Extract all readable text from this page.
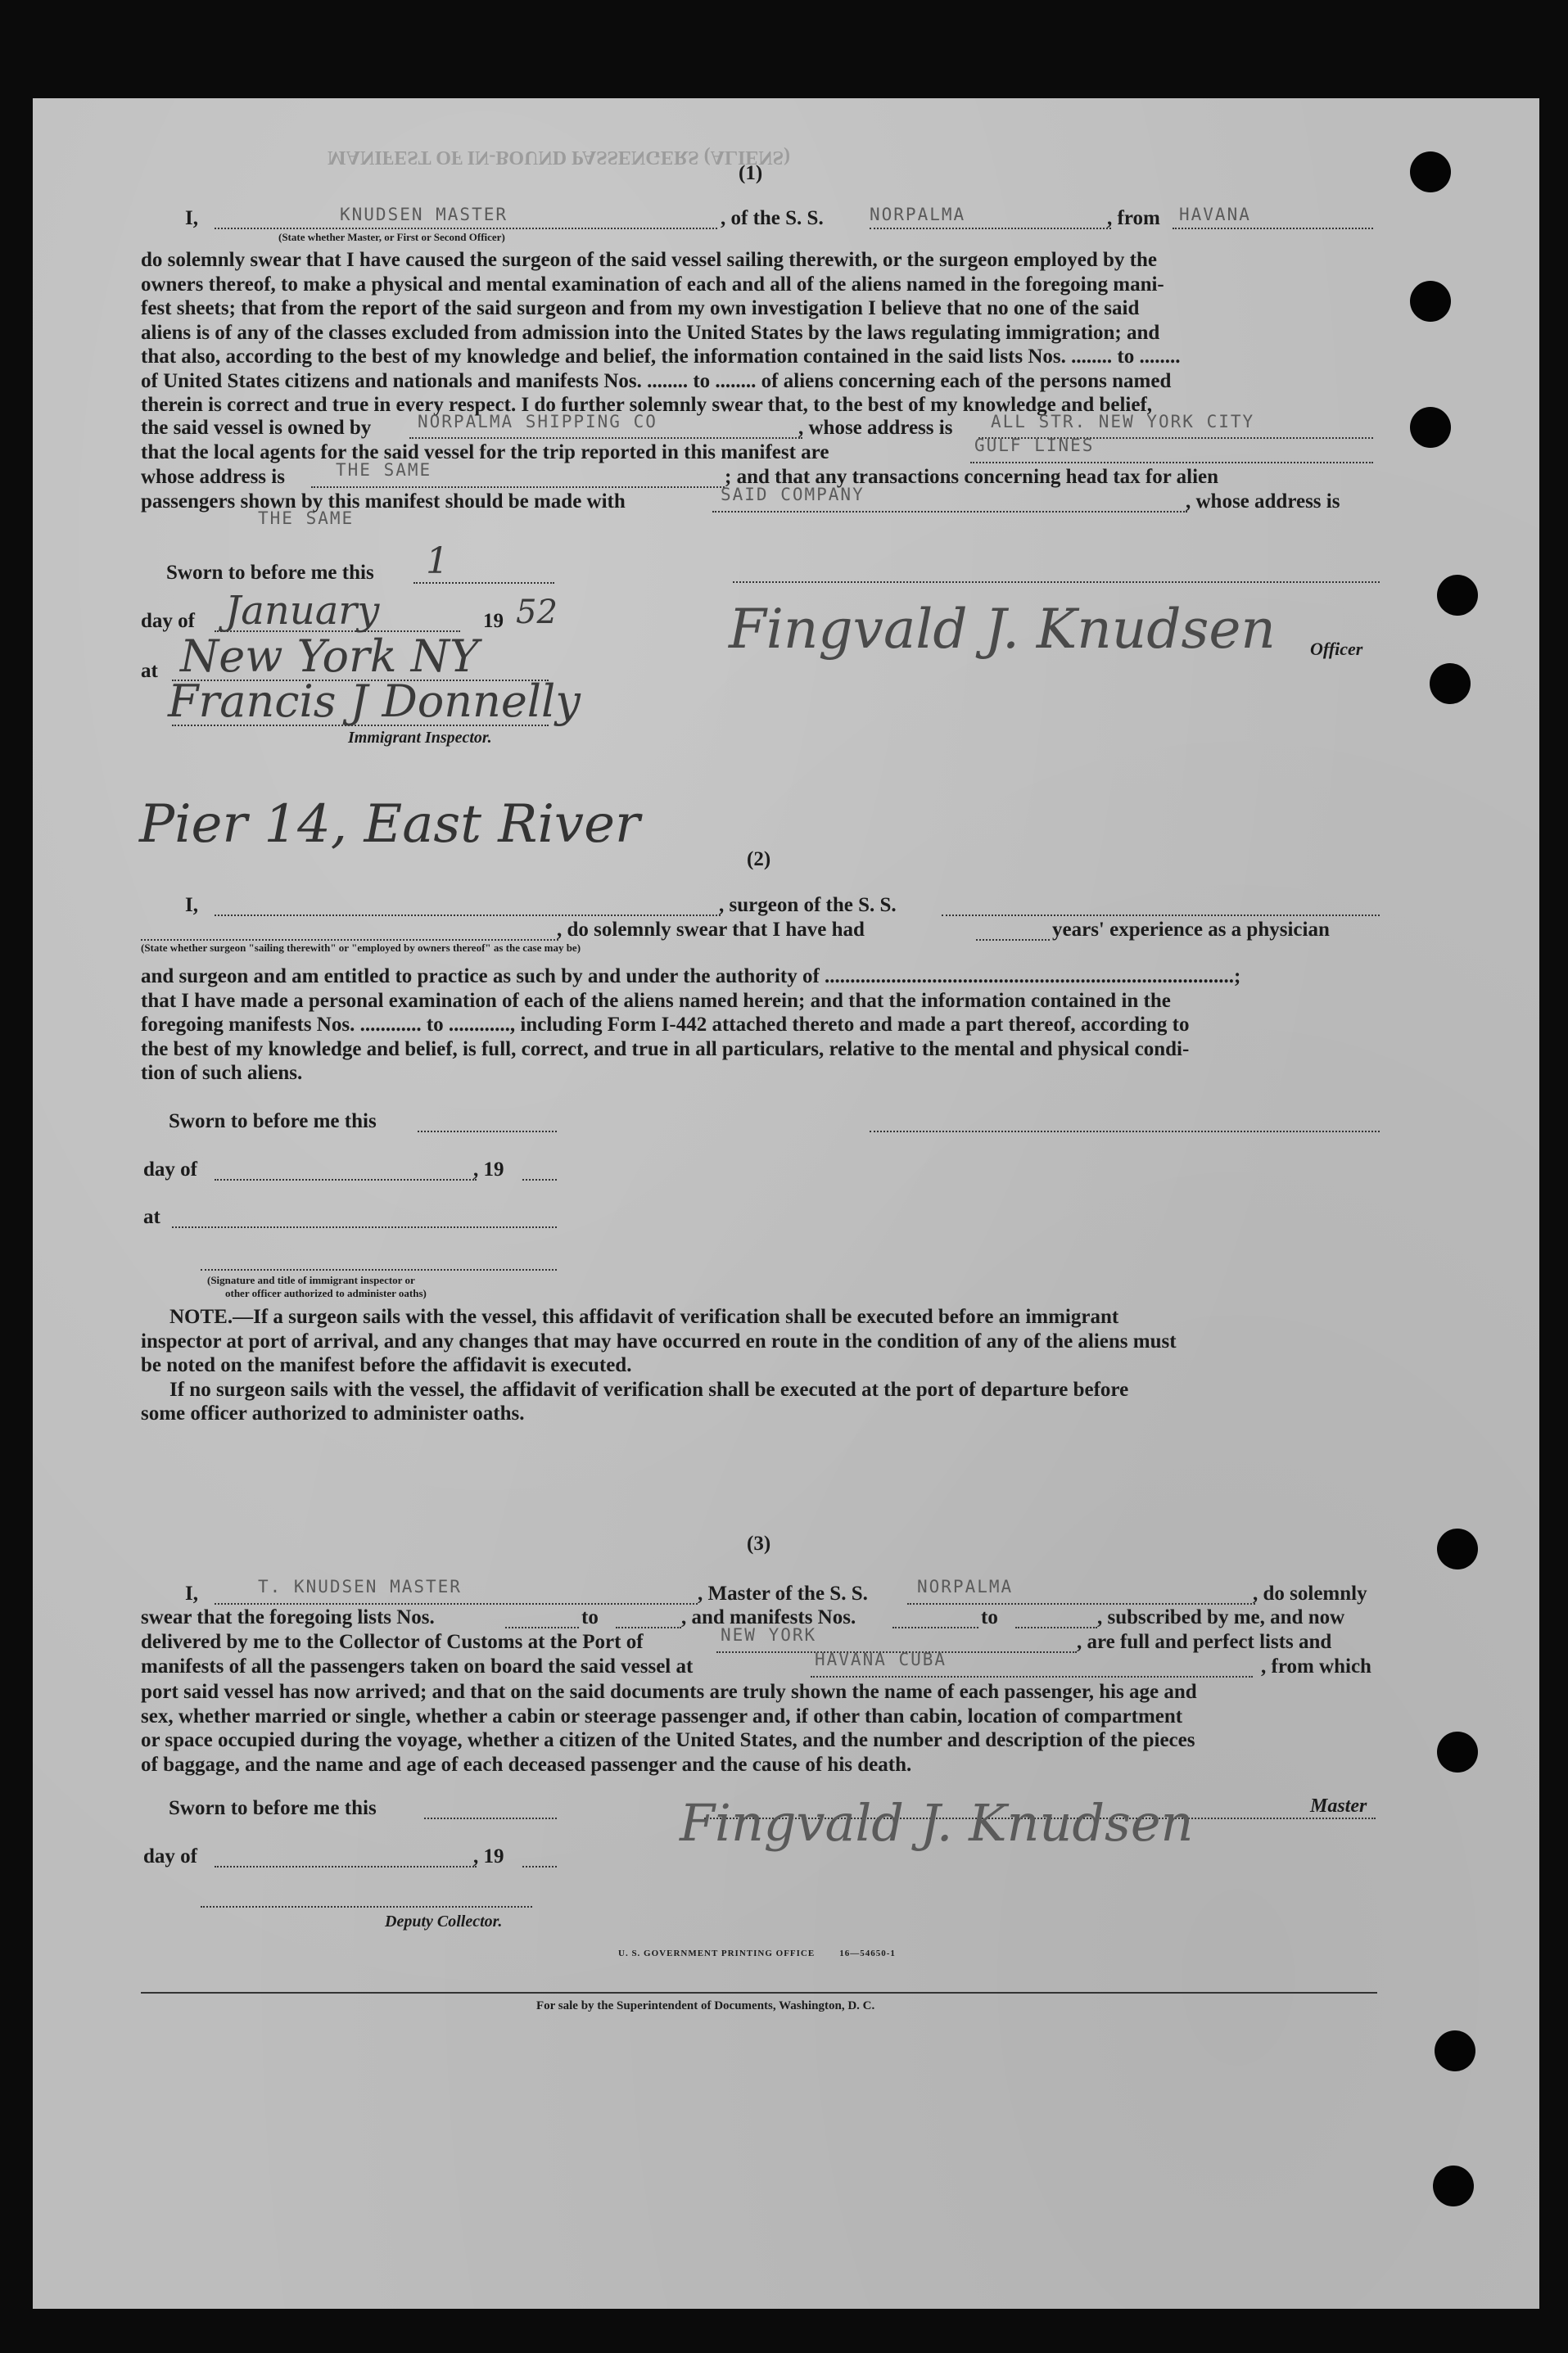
MANIFEST OF IN-BOUND PASSENGERS (ALIENS)
(1)
I,	KNUDSEN MASTER	, of the S. S.	NORPALMA	, from HAVANA
(State whether Master, or First or Second Officer)
do solemnly swear that I have caused the surgeon of the said vessel sailing therewith, or the surgeon employed by the
owners thereof, to make a physical and mental examination of each and all of the aliens named in the foregoing mani-
fest sheets; that from the report of the said surgeon and from my own investigation I believe that no one of the said
aliens is of any of the classes excluded from admission into the United States by the laws regulating immigration; and
that also, according to the best of my knowledge and belief, the information contained in the said lists Nos. ........ to ........
of United States citizens and nationals and manifests Nos. ........ to ........ of aliens concerning each of the persons named
therein is correct and true in every respect. I do further solemnly swear that, to the best of my knowledge and belief,
the said vessel is owned by	NORPALMA SHIPPING CO	, whose address is ALL STR. NEW YORK CITY
that the local agents for the said vessel for the trip reported in this manifest are	GULF LINES
whose address is	THE SAME	; and that any transactions concerning head tax for alien
passengers shown by this manifest should be made with	SAID COMPANY	, whose address is
THE SAME
Sworn to before me this 1
day of January	19 52
at New York NY
Francis J Donnelly
Immigrant Inspector.
Fingvald J. Knudsen Officer
Pier 14, East River
(2)
I,	, surgeon of the S. S.
, do solemnly swear that I have had	years' experience as a physician
(State whether surgeon "sailing therewith" or "employed by owners thereof" as the case may be)
and surgeon and am entitled to practice as such by and under the authority of ................................................................................;
that I have made a personal examination of each of the aliens named herein; and that the information contained in the
foregoing manifests Nos. ............ to ............, including Form I-442 attached thereto and made a part thereof, according to
the best of my knowledge and belief, is full, correct, and true in all particulars, relative to the mental and physical condi-
tion of such aliens.
Sworn to before me this
day of	, 19
at
(Signature and title of immigrant inspector or
other officer authorized to administer oaths)
NOTE.—If a surgeon sails with the vessel, this affidavit of verification shall be executed before an immigrant
inspector at port of arrival, and any changes that may have occurred en route in the condition of any of the aliens must
be noted on the manifest before the affidavit is executed.
If no surgeon sails with the vessel, the affidavit of verification shall be executed at the port of departure before
some officer authorized to administer oaths.
(3)
I,	T. KNUDSEN MASTER	, Master of the S. S.	NORPALMA	, do solemnly
swear that the foregoing lists Nos.	to	, and manifests Nos.	to	, subscribed by me, and now
delivered by me to the Collector of Customs at the Port of	NEW YORK	, are full and perfect lists and
manifests of all the passengers taken on board the said vessel at	HAVANA CUBA	, from which
port said vessel has now arrived; and that on the said documents are truly shown the name of each passenger, his age and
sex, whether married or single, whether a cabin or steerage passenger and, if other than cabin, location of compartment
or space occupied during the voyage, whether a citizen of the United States, and the number and description of the pieces
of baggage, and the name and age of each deceased passenger and the cause of his death.
Sworn to before me this	Master
Fingvald J. Knudsen
day of	, 19
Deputy Collector.
U. S. GOVERNMENT PRINTING OFFICE        16—54650-1
For sale by the Superintendent of Documents, Washington, D. C.
